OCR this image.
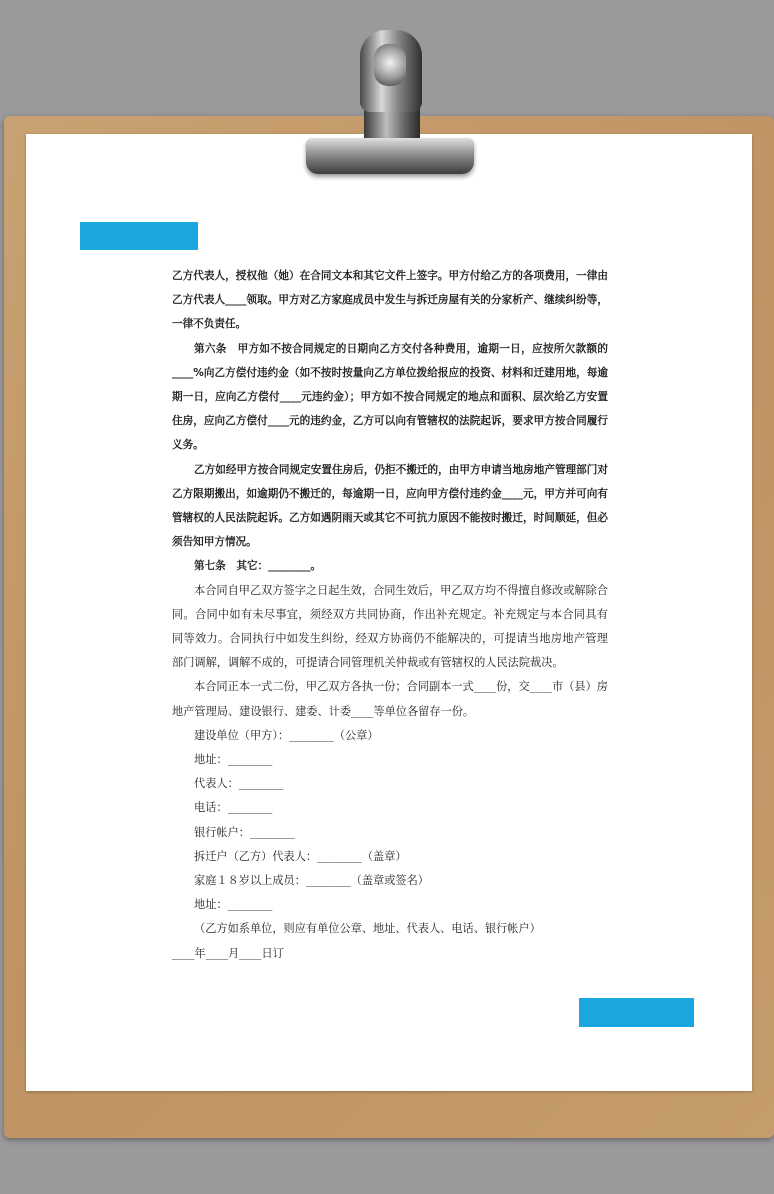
乙方代表人，授权他（她）在合同文本和其它文件上签字。甲方付给乙方的各项费用，一律由乙方代表人____领取。甲方对乙方家庭成员中发生与拆迁房屋有关的分家析产、继续纠纷等，一律不负责任。

第六条　甲方如不按合同规定的日期向乙方交付各种费用，逾期一日，应按所欠款额的____%向乙方偿付违约金（如不按时按量向乙方单位拨给报应的投资、材料和迁建用地，每逾期一日，应向乙方偿付____元违约金）；甲方如不按合同规定的地点和面积、层次给乙方安置住房，应向乙方偿付____元的违约金，乙方可以向有管辖权的法院起诉，要求甲方按合同履行义务。

乙方如经甲方按合同规定安置住房后，仍拒不搬迁的，由甲方申请当地房地产管理部门对乙方限期搬出，如逾期仍不搬迁的，每逾期一日，应向甲方偿付违约金____元，甲方并可向有管辖权的人民法院起诉。乙方如遇阴雨天或其它不可抗力原因不能按时搬迁，时间顺延，但必须告知甲方情况。

第七条　其它：________。

本合同自甲乙双方签字之日起生效，合同生效后，甲乙双方均不得擅自修改或解除合同。合同中如有未尽事宜，须经双方共同协商，作出补充规定。补充规定与本合同具有同等效力。合同执行中如发生纠纷，经双方协商仍不能解决的，可提请当地房地产管理部门调解，调解不成的，可提请合同管理机关仲裁或有管辖权的人民法院裁决。

本合同正本一式二份，甲乙双方各执一份；合同副本一式____份，交____市（县）房地产管理局、建设银行、建委、计委____等单位各留存一份。

建设单位（甲方）：________（公章）

地址：________

代表人：________

电话：________

银行帐户：________

拆迁户（乙方）代表人：________（盖章）

家庭１８岁以上成员：________（盖章或签名）

地址：________

（乙方如系单位，则应有单位公章、地址、代表人、电话、银行帐户）

____年____月____日订
